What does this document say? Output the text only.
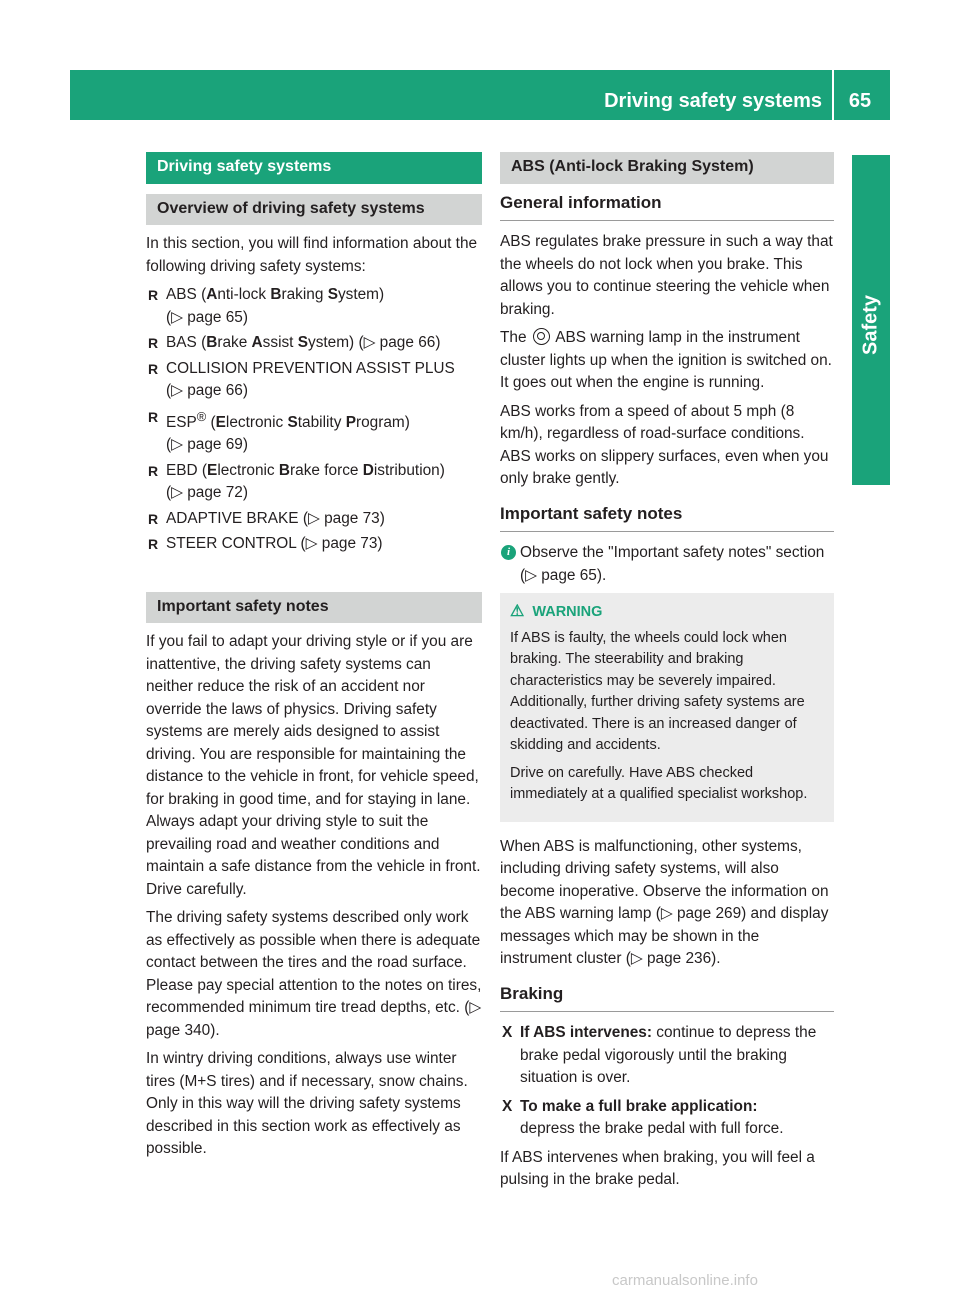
Driving safety systems	65
Safety
Driving safety systems
Overview of driving safety systems

In this section, you will find information about the following driving safety systems:

R ABS (Anti-lock Braking System)
(▷ page 65)
R BAS (Brake Assist System) (▷ page 66)
R COLLISION PREVENTION ASSIST PLUS
(▷ page 66)
R ESP® (Electronic Stability Program)
(▷ page 69)
R EBD (Electronic Brake force Distribution)
(▷ page 72)
R ADAPTIVE BRAKE (▷ page 73)
R STEER CONTROL (▷ page 73)
Important safety notes

If you fail to adapt your driving style or if you are inattentive, the driving safety systems can neither reduce the risk of an accident nor override the laws of physics. Driving safety systems are merely aids designed to assist driving. You are responsible for maintaining the distance to the vehicle in front, for vehicle speed, for braking in good time, and for staying in lane. Always adapt your driving style to suit the prevailing road and weather conditions and maintain a safe distance from the vehicle in front. Drive carefully.

The driving safety systems described only work as effectively as possible when there is adequate contact between the tires and the road surface. Please pay special attention to the notes on tires, recommended minimum tire tread depths, etc. (▷ page 340).

In wintry driving conditions, always use winter tires (M+S tires) and if necessary, snow chains. Only in this way will the driving safety systems described in this section work as effectively as possible.

ABS (Anti-lock Braking System)
General information

ABS regulates brake pressure in such a way that the wheels do not lock when you brake. This allows you to continue steering the vehicle when braking.

The ABS warning lamp in the instrument cluster lights up when the ignition is switched on. It goes out when the engine is running.

ABS works from a speed of about 5 mph (8 km/h), regardless of road-surface conditions. ABS works on slippery surfaces, even when you only brake gently.

Important safety notes
i Observe the "Important safety notes" section (▷ page 65).
⚠ WARNING

If ABS is faulty, the wheels could lock when braking. The steerability and braking characteristics may be severely impaired. Additionally, further driving safety systems are deactivated. There is an increased danger of skidding and accidents.

Drive on carefully. Have ABS checked immediately at a qualified specialist workshop.

When ABS is malfunctioning, other systems, including driving safety systems, will also become inoperative. Observe the information on the ABS warning lamp (▷ page 269) and display messages which may be shown in the instrument cluster (▷ page 236).

Braking
X If ABS intervenes: continue to depress the brake pedal vigorously until the braking situation is over.
X To make a full brake application:
depress the brake pedal with full force.

If ABS intervenes when braking, you will feel a pulsing in the brake pedal.

carmanualsonline.info
